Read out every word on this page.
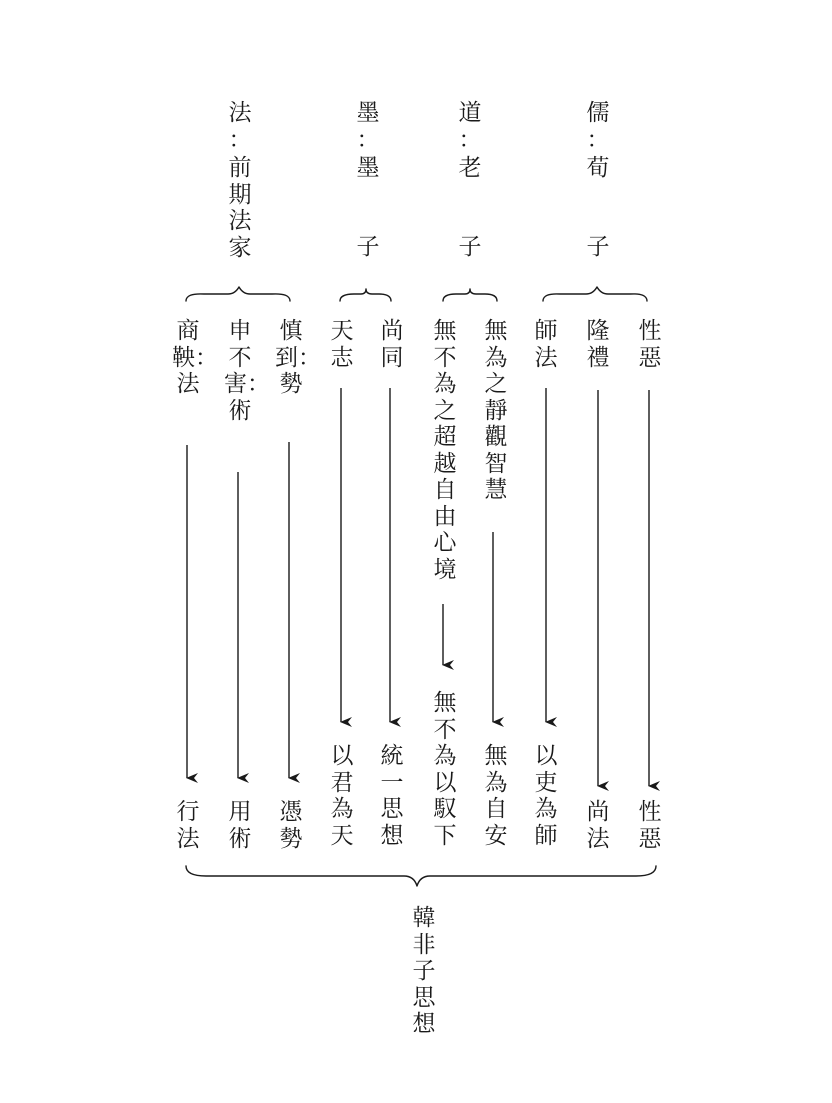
儒
：
荀
子
道
：
老
子
墨
：
墨
子
法
：
前期法家
性惡
隆禮
師法
無為之靜觀智慧
無不為之超越自由心境
尚同
天志
慎到：勢
申不害：術
商鞅：法
無不為以馭下
無為自安
性惡
尚法
以吏為師
統一思想
以君為天
憑勢
用術
行法
韓非子思想
